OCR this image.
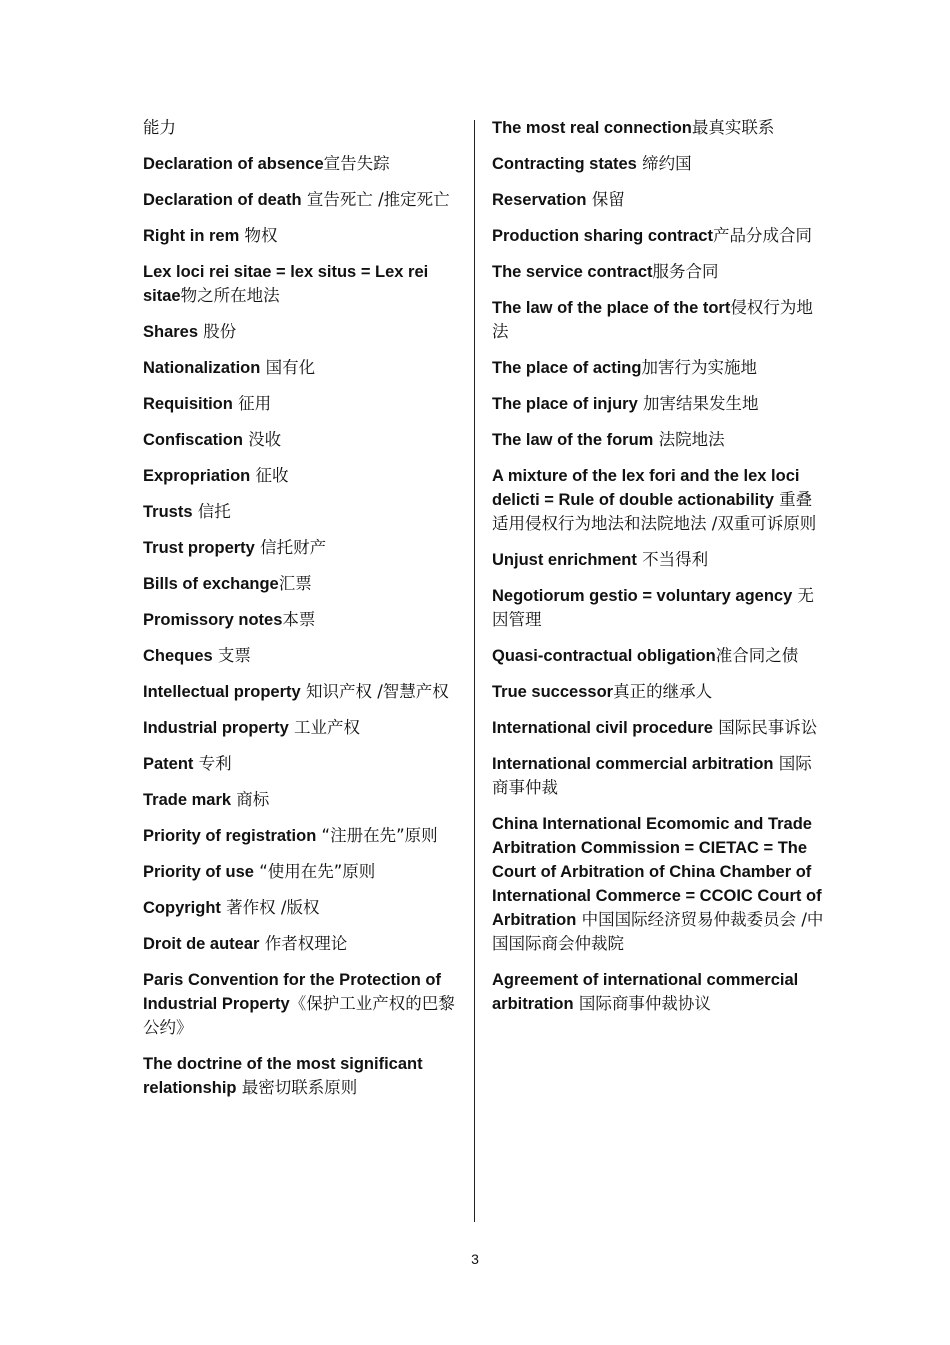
能力

Declaration of absence宣告失踪

Declaration of death 宣告死亡 /推定死亡

Right in rem 物权

Lex loci rei sitae = lex situs = Lex rei sitae物之所在地法

Shares 股份

Nationalization 国有化

Requisition 征用

Confiscation 没收

Expropriation 征收

Trusts 信托

Trust property 信托财产

Bills of exchange汇票

Promissory notes本票

Cheques 支票

Intellectual property 知识产权 /智慧产权

Industrial property 工业产权

Patent 专利

Trade mark 商标

Priority of registration “注册在先”原则

Priority of use “使用在先”原则

Copyright 著作权 /版权

Droit de autear 作者权理论

Paris Convention for the Protection of Industrial Property《保护工业产权的巴黎公约》

The doctrine of the most significant relationship 最密切联系原则

The most real connection最真实联系

Contracting states 缔约国

Reservation 保留

Production sharing contract产品分成合同

The service contract服务合同

The law of the place of the tort侵权行为地法

The place of acting加害行为实施地

The place of injury 加害结果发生地

The law of the forum 法院地法

A mixture of the lex fori and the lex loci delicti = Rule of double actionability 重叠适用侵权行为地法和法院地法 /双重可诉原则

Unjust enrichment 不当得利

Negotiorum gestio = voluntary agency 无因管理

Quasi-contractual obligation准合同之债

True successor真正的继承人

International civil procedure 国际民事诉讼

International commercial arbitration 国际商事仲裁

China International Ecomomic and Trade Arbitration Commission = CIETAC = The Court of Arbitration of China Chamber of International Commerce = CCOIC Court of Arbitration 中国国际经济贸易仲裁委员会 /中国国际商会仲裁院

Agreement of international commercial arbitration 国际商事仲裁协议

3
